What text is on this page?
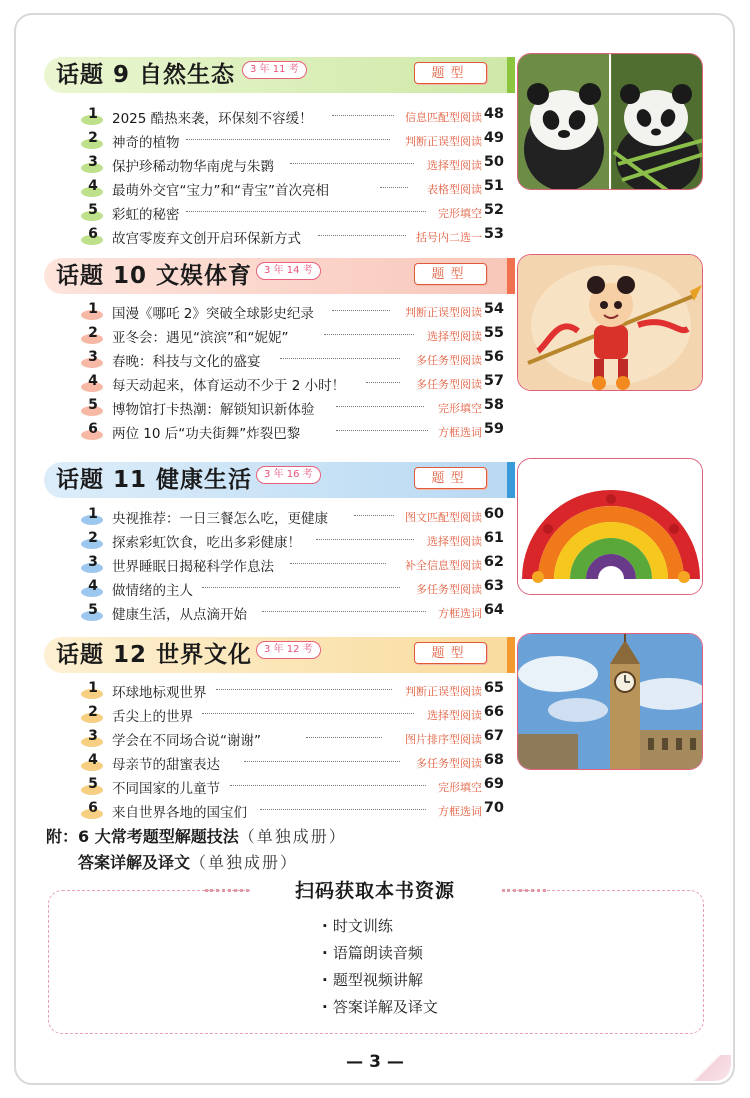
话题 9 自然生态	3 年 11 考	题型
1	2025 酷热来袭，环保刻不容缓！	信息匹配型阅读 48
2	神奇的植物	判断正误型阅读 49
3	保护珍稀动物华南虎与朱鹮	选择型阅读 50
4	最萌外交官“宝力”和“青宝”首次亮相	表格型阅读 51
5	彩虹的秘密	完形填空 52
6	故宫零废弃文创开启环保新方式	括号内二选一 53
话题 10 文娱体育	3 年 14 考	题型
1	国漫《哪吒 2》突破全球影史纪录	判断正误型阅读 54
2	亚冬会：遇见“滨滨”和“妮妮”	选择型阅读 55
3	春晚：科技与文化的盛宴	多任务型阅读 56
4	每天动起来，体育运动不少于 2 小时！	多任务型阅读 57
5	博物馆打卡热潮：解锁知识新体验	完形填空 58
6	两位 10 后“功夫街舞”炸裂巴黎	方框选词 59
话题 11 健康生活	3 年 16 考	题型
1	央视推荐：一日三餐怎么吃，更健康	图文匹配型阅读 60
2	探索彩虹饮食，吃出多彩健康！	选择型阅读 61
3	世界睡眠日揭秘科学作息法	补全信息型阅读 62
4	做情绪的主人	多任务型阅读 63
5	健康生活，从点滴开始	方框选词 64
话题 12 世界文化	3 年 12 考	题型
1	环球地标观世界	判断正误型阅读 65
2	舌尖上的世界	选择型阅读 66
3	学会在不同场合说“谢谢”	图片排序型阅读 67
4	母亲节的甜蜜表达	多任务型阅读 68
5	不同国家的儿童节	完形填空 69
6	来自世界各地的国宝们	方框选词 70
附：6 大常考题型解题技法（单独成册）
答案详解及译文（单独成册）
扫码获取本书资源
· 时文训练
· 语篇朗读音频
· 题型视频讲解
· 答案详解及译文
— 3 —
